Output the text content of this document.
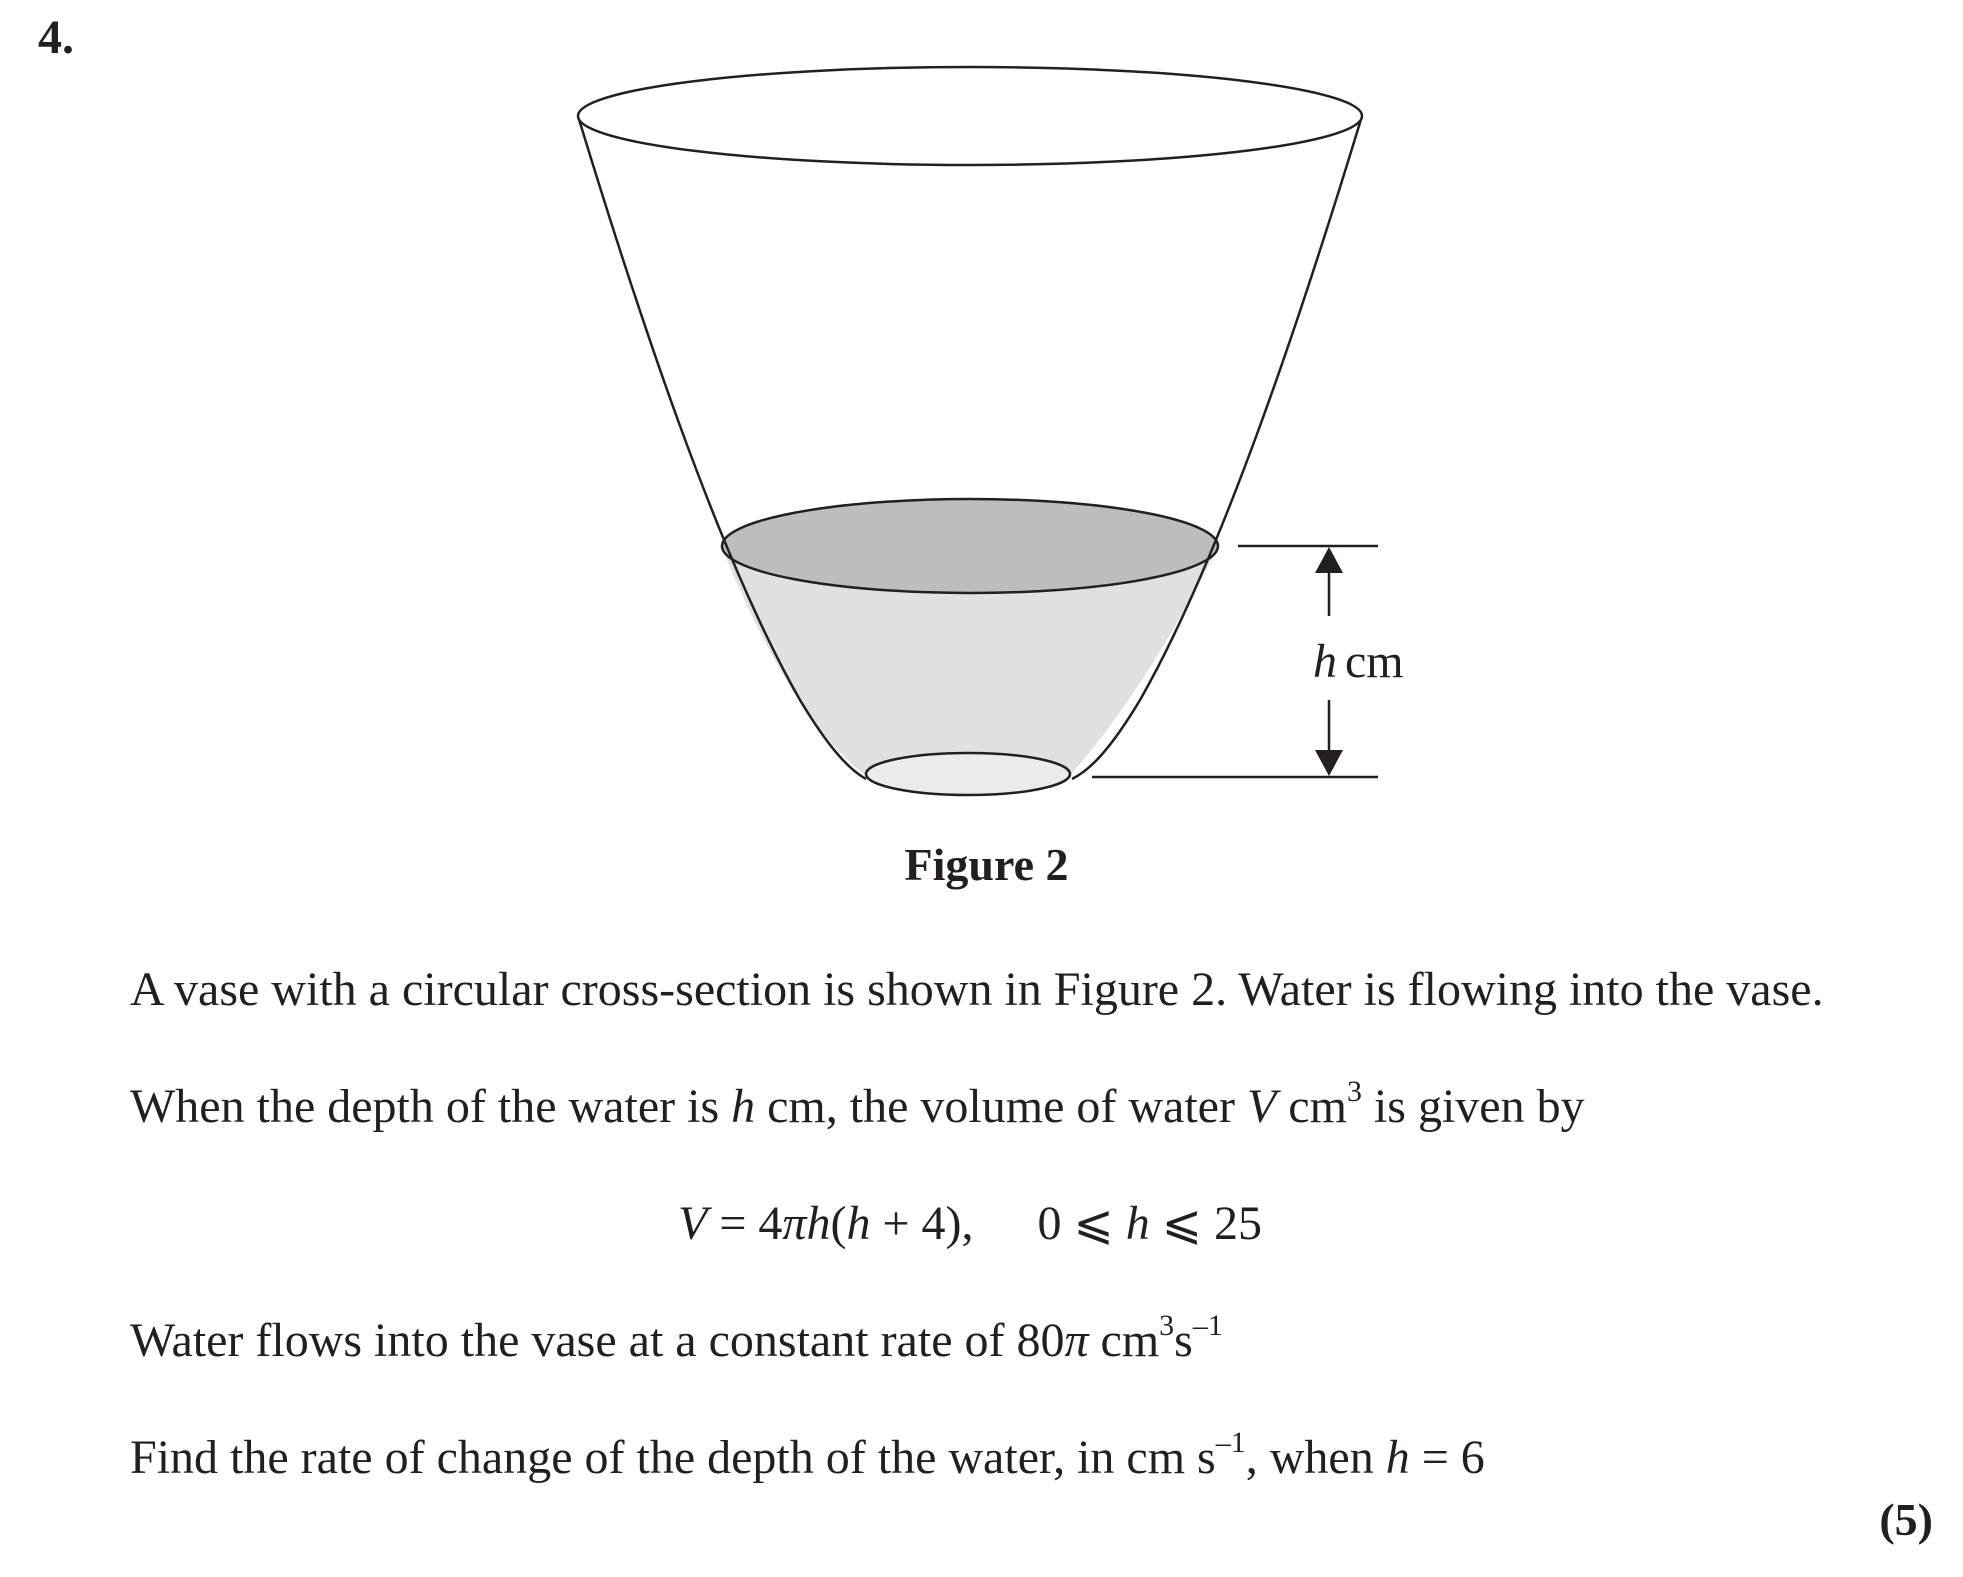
4.
h cm
Figure 2
A vase with a circular cross-section is shown in Figure 2. Water is flowing into the vase.
When the depth of the water is h cm, the volume of water V $cm^3$ is given by
V = 4πh(h + 4), 0 ⩽ h ⩽ 25
Water flows into the vase at a constant rate of 80π $cm^3s^{-1}$
Find the rate of change of the depth of the water, in cm $s^{-1}$, when h = 6
(5)
